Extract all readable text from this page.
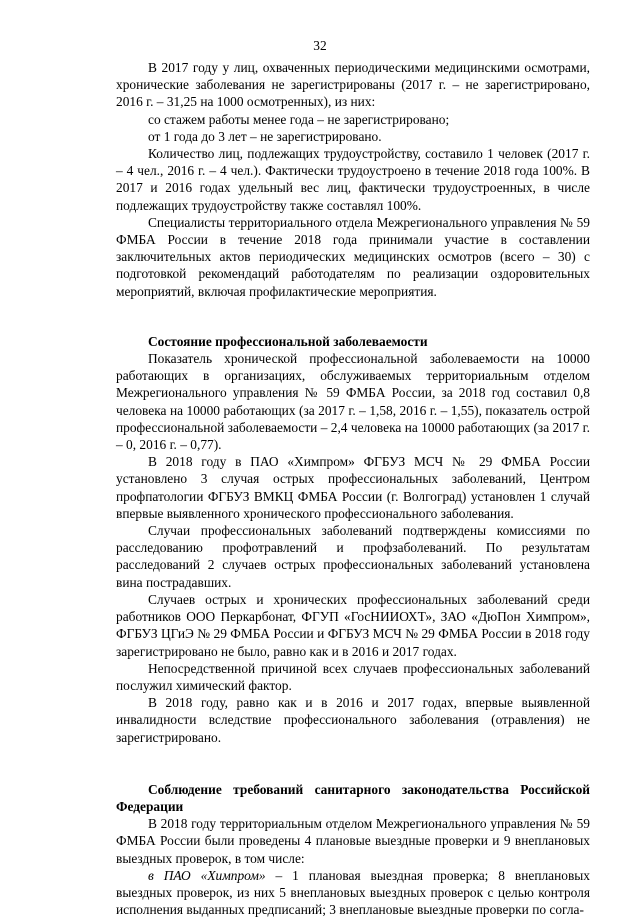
32

В 2017 году у лиц, охваченных периодическими медицинскими осмотрами, хронические заболевания не зарегистрированы (2017 г. – не зарегистрировано, 2016 г. – 31,25 на 1000 осмотренных), из них:

со стажем работы менее года – не зарегистрировано;

от 1 года до 3 лет – не зарегистрировано.

Количество лиц, подлежащих трудоустройству, составило 1 человек (2017 г. – 4 чел., 2016 г. – 4 чел.). Фактически трудоустроено в течение 2018 года 100%. В 2017 и 2016 годах удельный вес лиц, фактически трудоустроенных, в числе подлежащих трудоустройству также составлял 100%.

Специалисты территориального отдела Межрегионального управления № 59 ФМБА России в течение 2018 года принимали участие в составлении заключительных актов периодических медицинских осмотров (всего – 30) с подготовкой рекомендаций работодателям по реализации оздоровительных мероприятий, включая профилактические мероприятия.

Состояние профессиональной заболеваемости

Показатель хронической профессиональной заболеваемости на 10000 работающих в организациях, обслуживаемых территориальным отделом Межрегионального управления № 59 ФМБА России, за 2018 год составил 0,8 человека на 10000 работающих (за 2017 г. – 1,58, 2016 г. – 1,55), показатель острой профессиональной заболеваемости – 2,4 человека на 10000 работающих (за 2017 г. – 0, 2016 г. – 0,77).

В 2018 году в ПАО «Химпром» ФГБУЗ МСЧ № 29 ФМБА России установлено 3 случая острых профессиональных заболеваний, Центром профпатологии ФГБУЗ ВМКЦ ФМБА России (г. Волгоград) установлен 1 случай впервые выявленного хронического профессионального заболевания.

Случаи профессиональных заболеваний подтверждены комиссиями по расследованию профотравлений и профзаболеваний. По результатам расследований 2 случаев острых профессиональных заболеваний установлена вина пострадавших.

Случаев острых и хронических профессиональных заболеваний среди работников ООО Перкарбонат, ФГУП «ГосНИИОХТ», ЗАО «ДюПон Химпром», ФГБУЗ ЦГиЭ № 29 ФМБА России и ФГБУЗ МСЧ № 29 ФМБА России в 2018 году зарегистрировано не было, равно как и в 2016 и 2017 годах.

Непосредственной причиной всех случаев профессиональных заболеваний послужил химический фактор.

В 2018 году, равно как и в 2016 и 2017 годах, впервые выявленной инвалидности вследствие профессионального заболевания (отравления) не зарегистрировано.

Соблюдение требований санитарного законодательства Российской Федерации

В 2018 году территориальным отделом Межрегионального управления № 59 ФМБА России были проведены 4 плановые выездные проверки и 9 внеплановых выездных проверок, в том числе:

в ПАО «Химпром» – 1 плановая выездная проверка; 8 внеплановых выездных проверок, из них 5 внеплановых выездных проверок с целью контроля исполнения выданных предписаний; 3 внеплановые выездные проверки по согла-
